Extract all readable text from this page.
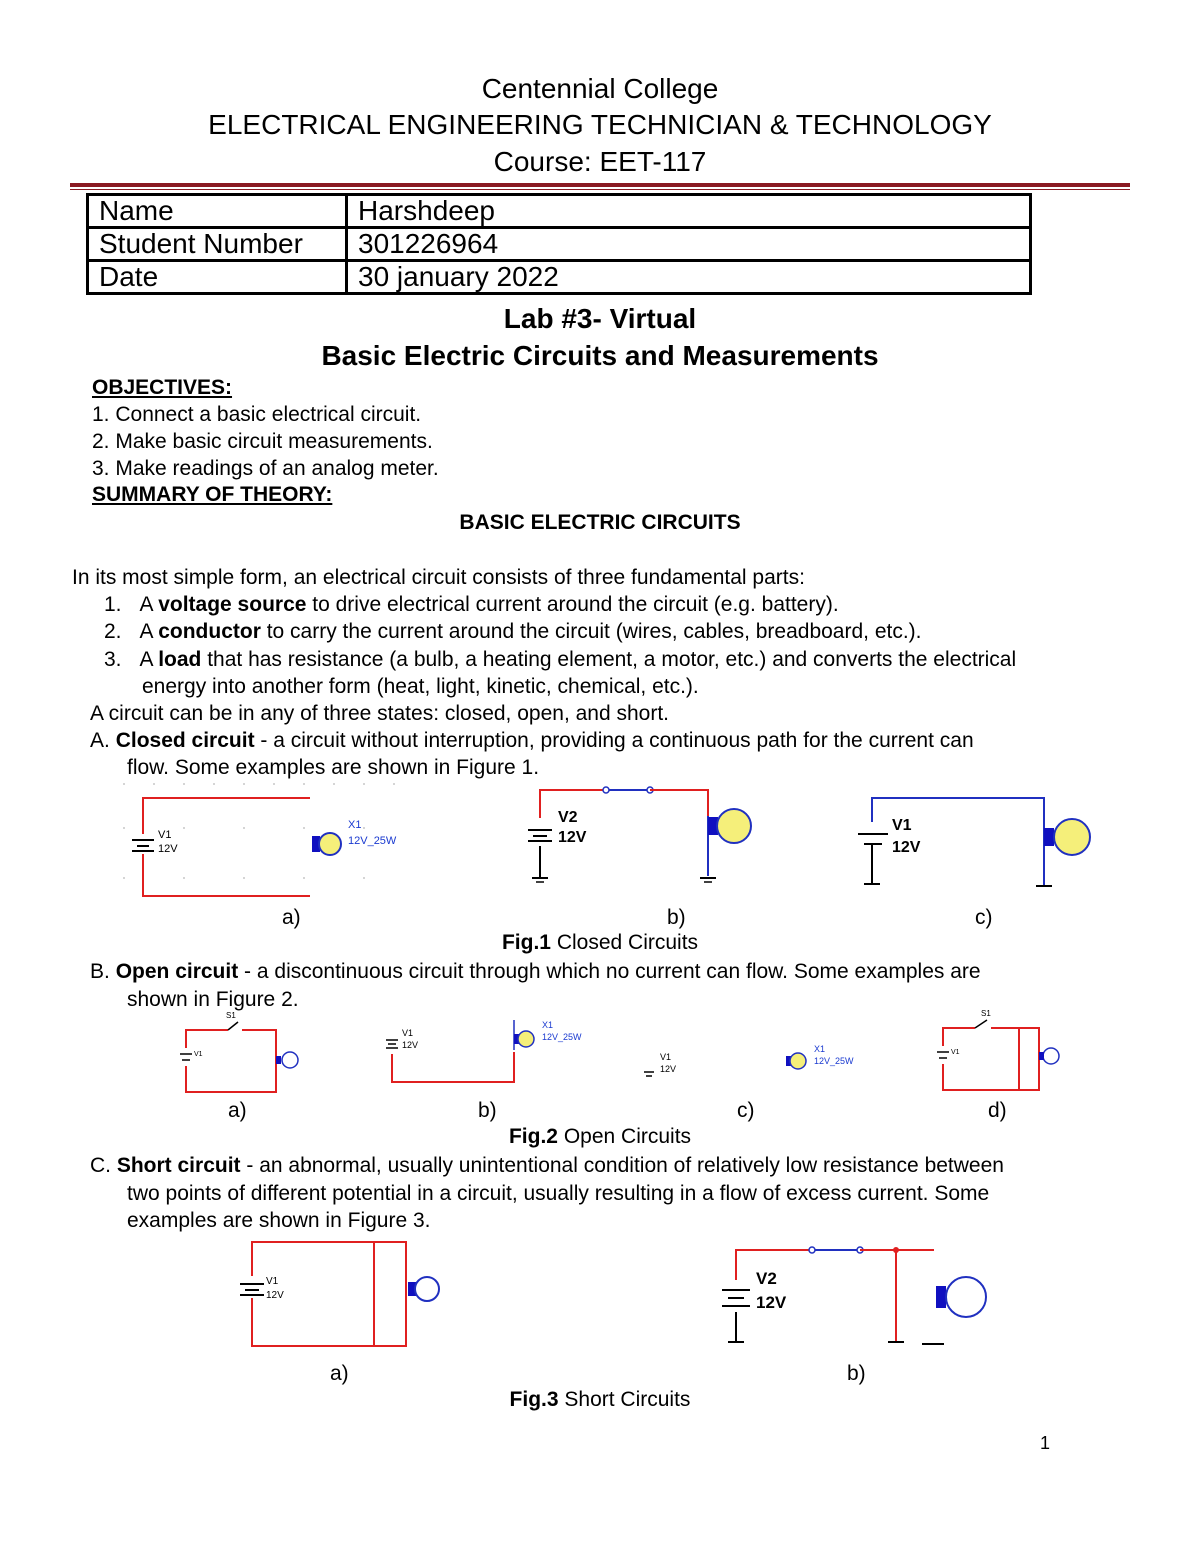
Centennial College
ELECTRICAL ENGINEERING TECHNICIAN & TECHNOLOGY
Course: EET-117
Name	Harshdeep
Student Number	301226964
Date	30 january 2022
Lab #3- Virtual
Basic Electric Circuits and Measurements
OBJECTIVES:
1. Connect a basic electrical circuit.
2. Make basic circuit measurements.
3. Make readings of an analog meter.
SUMMARY OF THEORY:
BASIC ELECTRIC CIRCUITS
In its most simple form, an electrical circuit consists of three fundamental parts:
1. A voltage source to drive electrical current around the circuit (e.g. battery).
2. A conductor to carry the current around the circuit (wires, cables, breadboard, etc.).
3. A load that has resistance (a bulb, a heating element, a motor, etc.) and converts the electrical
energy into another form (heat, light, kinetic, chemical, etc.).
A circuit can be in any of three states: closed, open, and short.
A. Closed circuit - a circuit without interruption, providing a continuous path for the current can
flow. Some examples are shown in Figure 1.
V1
12V
X1
12V_25W
V2
12V
V1
12V
a)	b)	c)
Fig.1 Closed Circuits
B. Open circuit - a discontinuous circuit through which no current can flow. Some examples are
shown in Figure 2.
S1
V1
V1
12V
X1
12V_25W
V1
12V
X1
12V_25W
S1
V1
a)	b)	c)	d)
Fig.2 Open Circuits
C. Short circuit - an abnormal, usually unintentional condition of relatively low resistance between
two points of different potential in a circuit, usually resulting in a flow of excess current. Some
examples are shown in Figure 3.
V1
12V
V2
12V
a)	b)
Fig.3 Short Circuits
1
